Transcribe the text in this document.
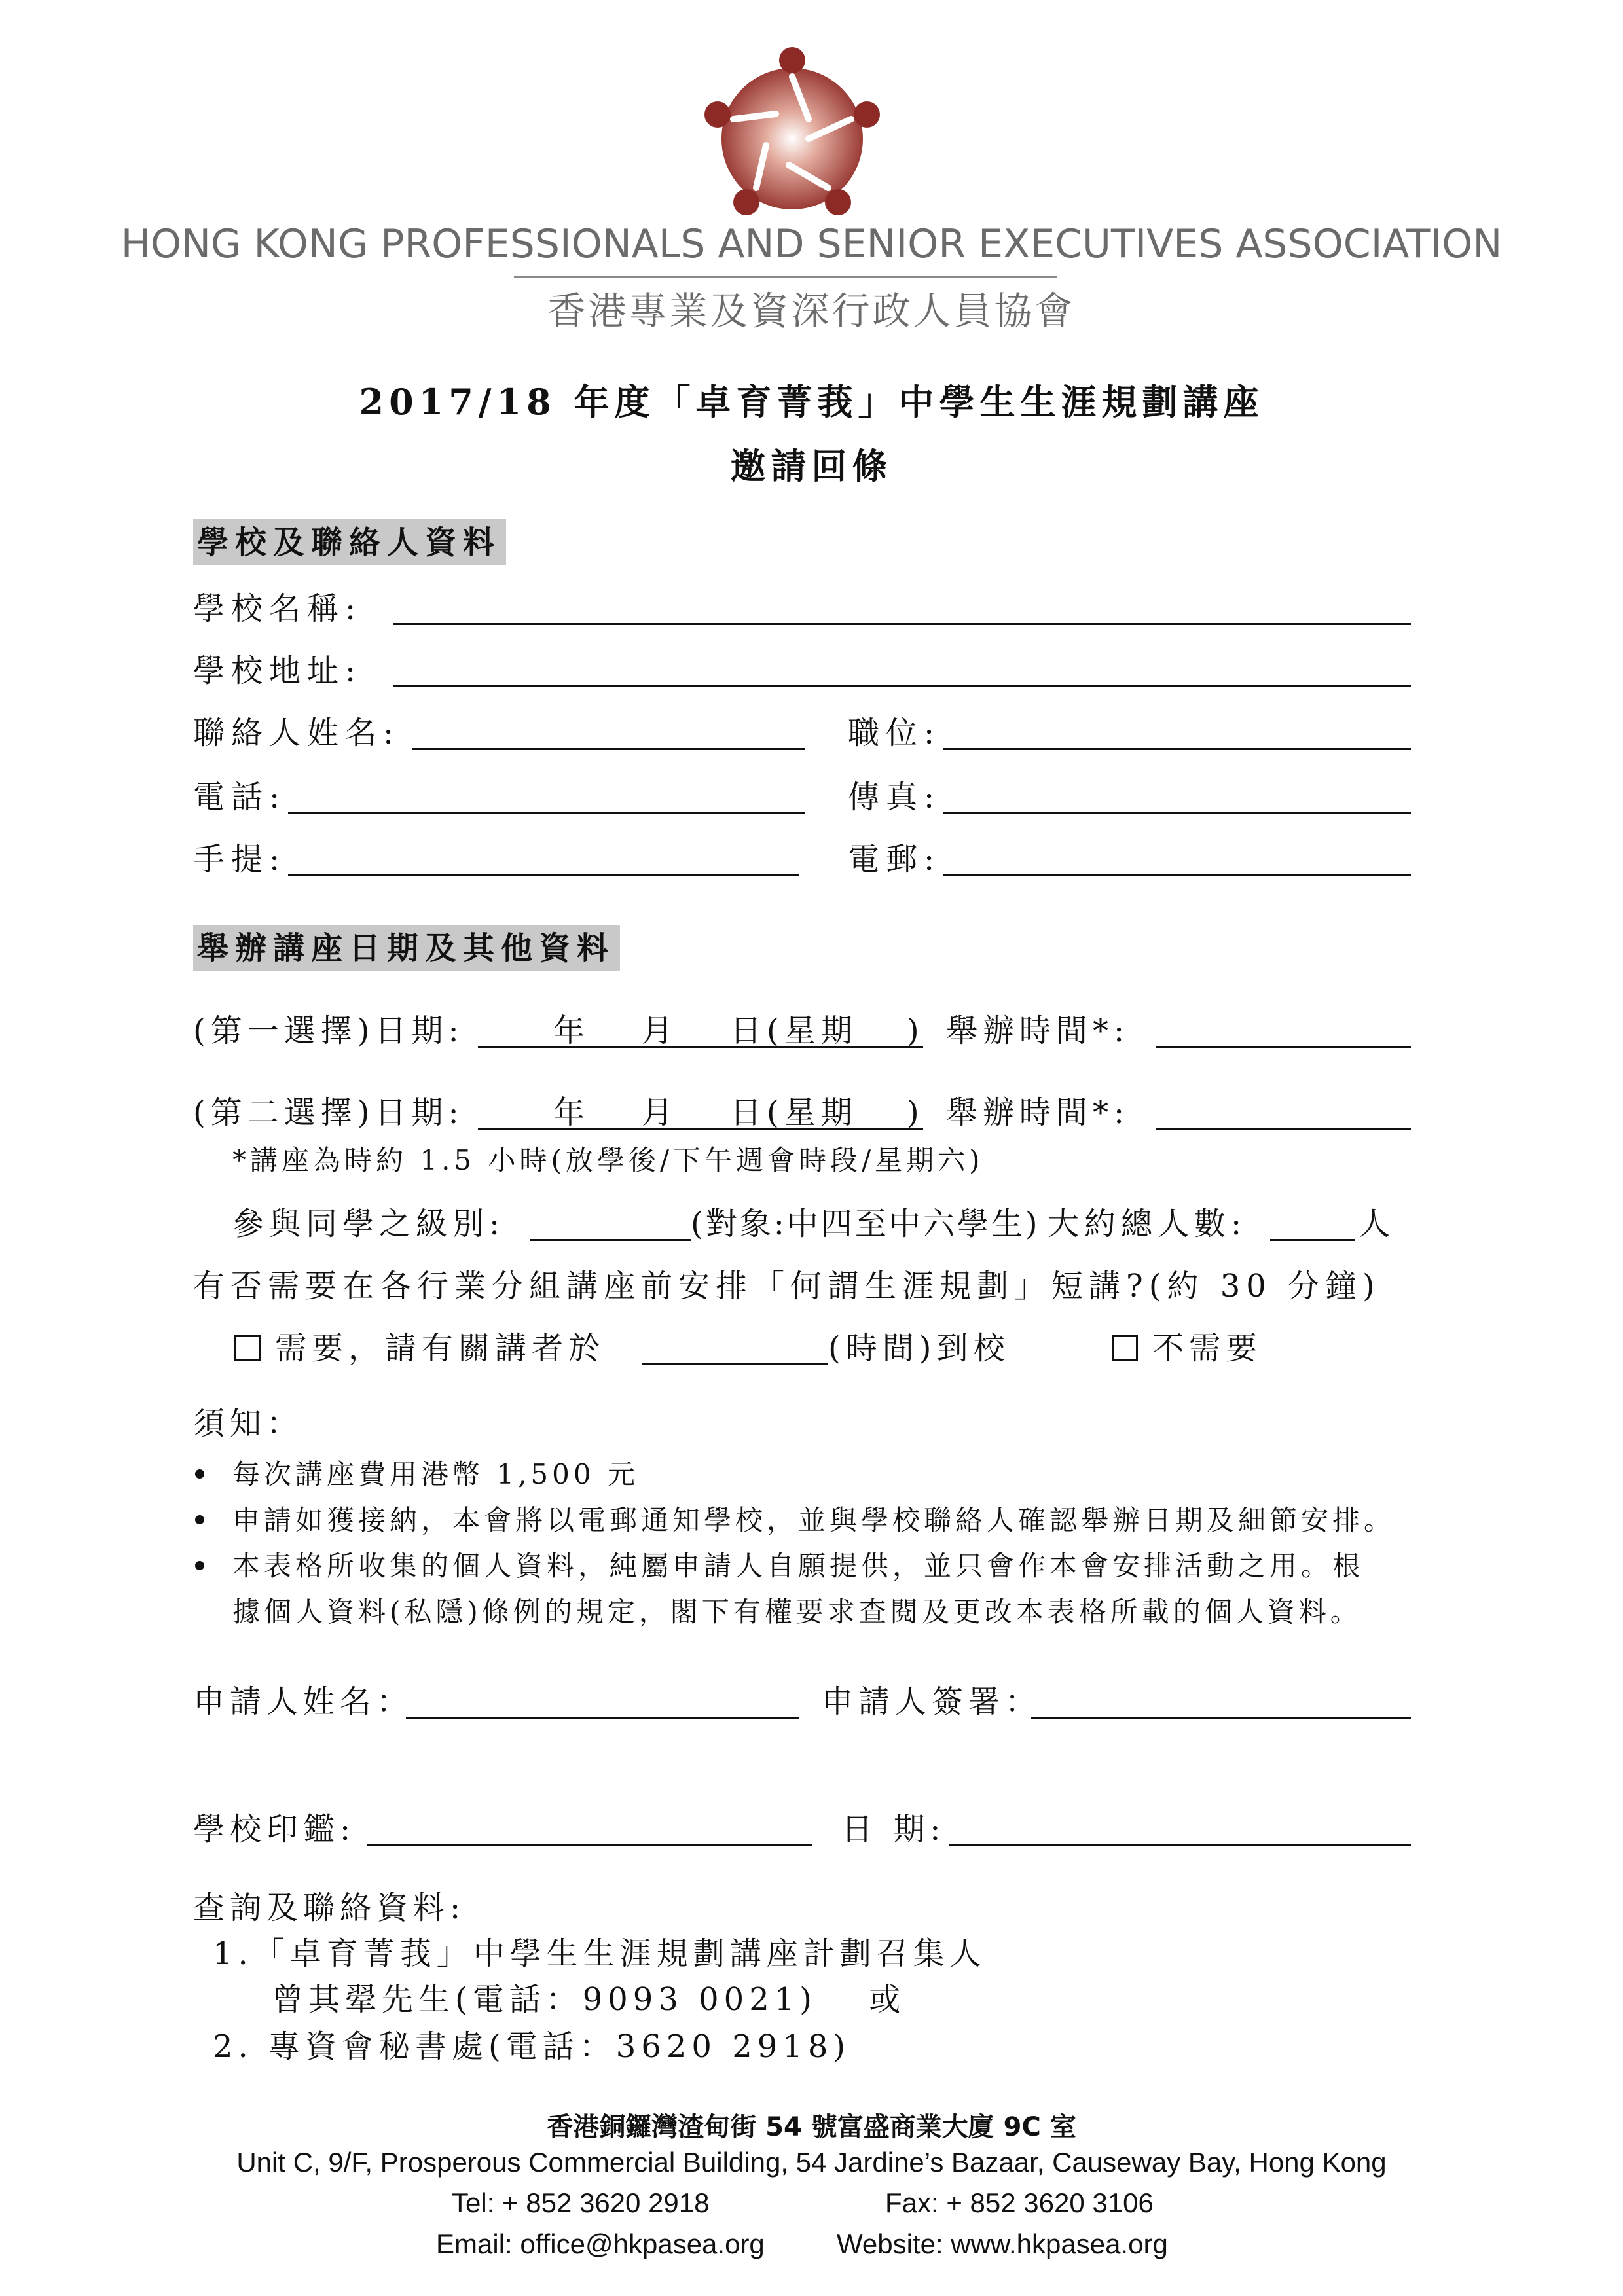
HONG KONG PROFESSIONALS AND SENIOR EXECUTIVES ASSOCIATION
香港專業及資深行政人員協會
2017/18 年度「卓育菁莪」中學生生涯規劃講座
邀請回條
學校及聯絡人資料
學校名稱:
學校地址:
聯絡人姓名:	職位:
電話:	傳真:
手提:	電郵:
舉辦講座日期及其他資料
(第一選擇)日期:	年 月 日(星期 ) 舉辦時間*:
(第二選擇)日期:	年 月 日(星期 ) 舉辦時間*:
*講座為時約 1.5 小時(放學後/下午週會時段/星期六)
參與同學之級別:	(對象:中四至中六學生) 大約總人數:	人
有否需要在各行業分組講座前安排「何謂生涯規劃」短講?(約 30 分鐘)
需要，請有關講者於	(時間)到校	不需要
須知：
每次講座費用港幣 1,500 元
申請如獲接納，本會將以電郵通知學校，並與學校聯絡人確認舉辦日期及細節安排。
本表格所收集的個人資料，純屬申請人自願提供，並只會作本會安排活動之用。根
據個人資料(私隱)條例的規定，閣下有權要求查閱及更改本表格所載的個人資料。
申請人姓名：	申請人簽署：
學校印鑑:	日 期:
查詢及聯絡資料:
1.「卓育菁莪」中學生生涯規劃講座計劃召集人
曾其翚先生(電話：9093 0021)　 或
2. 專資會秘書處(電話：3620 2918)
香港銅鑼灣渣甸街 54 號富盛商業大廈 9C 室
Unit C, 9/F, Prosperous Commercial Building, 54 Jardine’s Bazaar, Causeway Bay, Hong Kong
Tel: + 852 3620 2918	Fax: + 852 3620 3106
Email: office@hkpasea.org	Website: www.hkpasea.org
